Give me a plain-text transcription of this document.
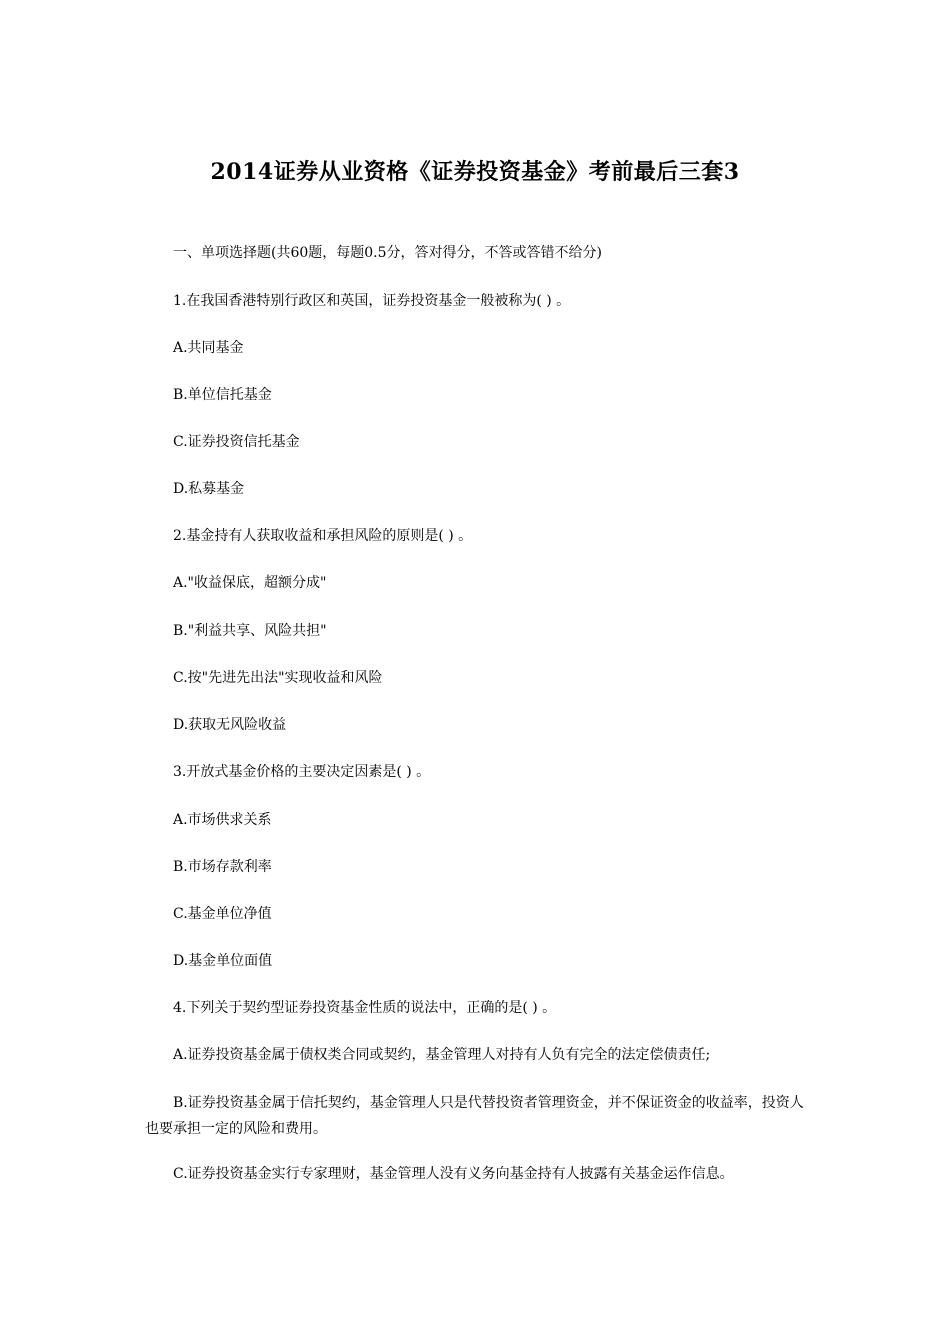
2014证券从业资格《证券投资基金》考前最后三套3
一、单项选择题(共60题，每题0.5分，答对得分，不答或答错不给分)
1.在我国香港特别行政区和英国，证券投资基金一般被称为( ) 。
A.共同基金
B.单位信托基金
C.证券投资信托基金
D.私募基金
2.基金持有人获取收益和承担风险的原则是( ) 。
A."收益保底，超额分成"
B."利益共享、风险共担"
C.按"先进先出法"实现收益和风险
D.获取无风险收益
3.开放式基金价格的主要决定因素是( ) 。
A.市场供求关系
B.市场存款利率
C.基金单位净值
D.基金单位面值
4.下列关于契约型证券投资基金性质的说法中，正确的是( ) 。
A.证券投资基金属于债权类合同或契约，基金管理人对持有人负有完全的法定偿债责任;
B.证券投资基金属于信托契约，基金管理人只是代替投资者管理资金，并不保证资金的收益率，投资人也要承担一定的风险和费用。
C.证券投资基金实行专家理财，基金管理人没有义务向基金持有人披露有关基金运作信息。
